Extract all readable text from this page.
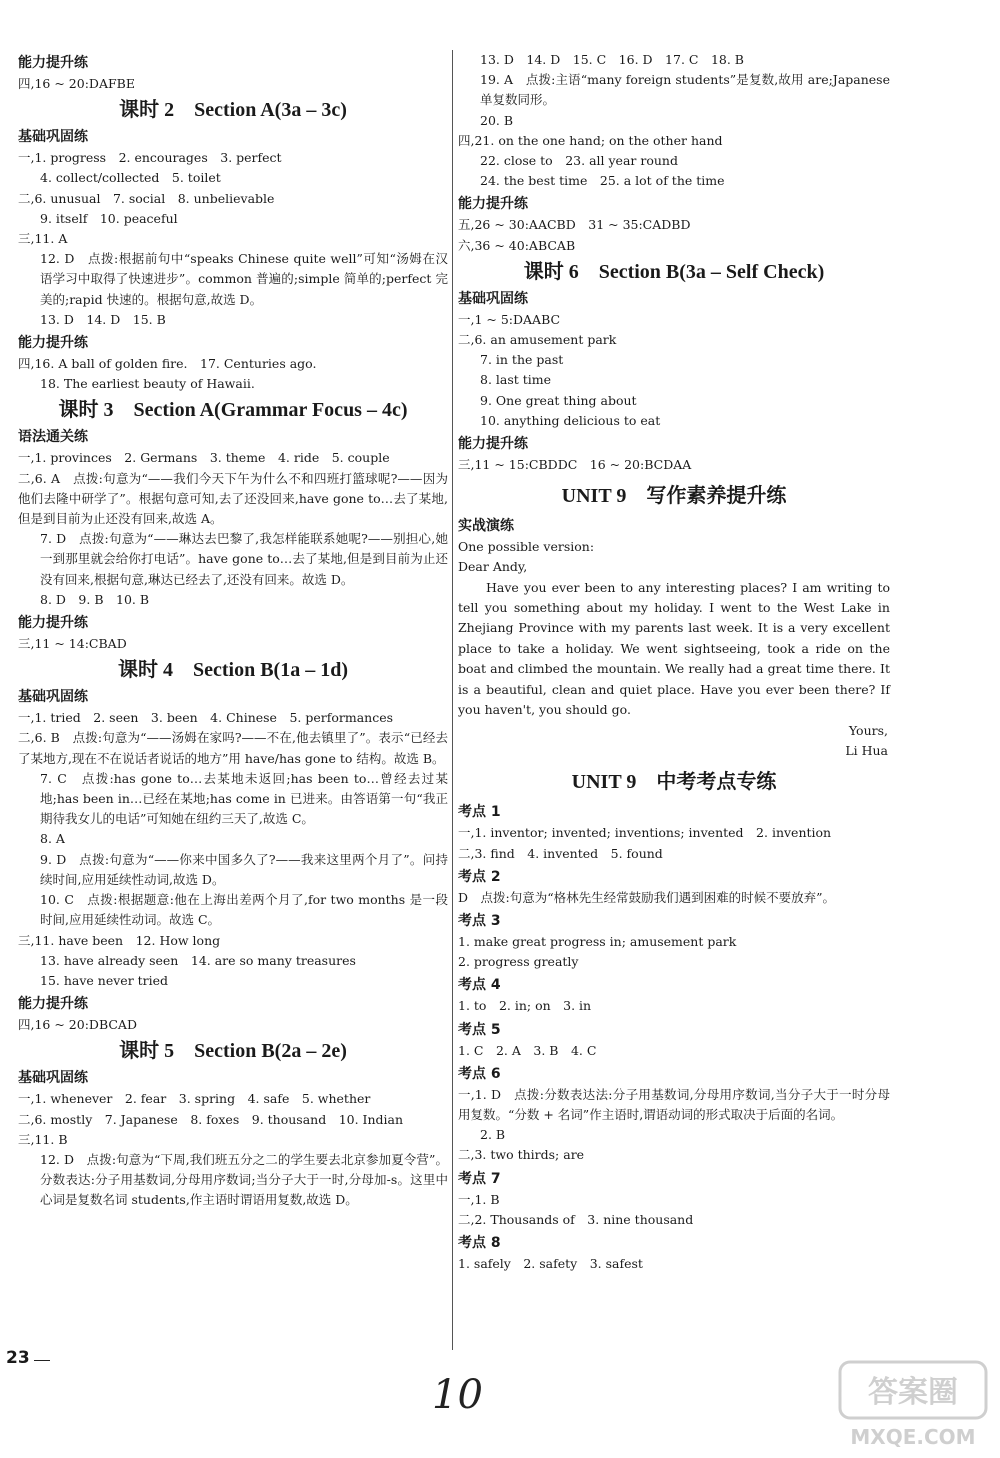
能力提升练
四,16 ~ 20:DAFBE
课时 2　Section A(3a – 3c)
基础巩固练
一,1. progress　2. encourages　3. perfect
4. collect/collected　5. toilet
二,6. unusual　7. social　8. unbelievable
9. itself　10. peaceful
三,11. A
12. D　点拨:根据前句中“speaks Chinese quite well”可知“汤姆在汉语学习中取得了快速进步”。common 普遍的;simple 简单的;perfect 完美的;rapid 快速的。根据句意,故选 D。
13. D　14. D　15. B
能力提升练
四,16. A ball of golden fire.　17. Centuries ago.
18. The earliest beauty of Hawaii.
课时 3　Section A(Grammar Focus – 4c)
语法通关练
一,1. provinces　2. Germans　3. theme　4. ride　5. couple
二,6. A　点拨:句意为“——我们今天下午为什么不和四班打篮球呢?——因为他们去隆中研学了”。根据句意可知,去了还没回来,have gone to…去了某地,但是到目前为止还没有回来,故选 A。
7. D　点拨:句意为“——琳达去巴黎了,我怎样能联系她呢?——别担心,她一到那里就会给你打电话”。have gone to…去了某地,但是到目前为止还没有回来,根据句意,琳达已经去了,还没有回来。故选 D。
8. D　9. B　10. B
能力提升练
三,11 ~ 14:CBAD
课时 4　Section B(1a – 1d)
基础巩固练
一,1. tried　2. seen　3. been　4. Chinese　5. performances
二,6. B　点拨:句意为“——汤姆在家吗?——不在,他去镇里了”。表示“已经去了某地方,现在不在说话者说话的地方”用 have/has gone to 结构。故选 B。
7. C　点拨:has gone to…去某地未返回;has been to…曾经去过某地;has been in…已经在某地;has come in 已进来。由答语第一句“我正期待我女儿的电话”可知她在纽约三天了,故选 C。
8. A
9. D　点拨:句意为“——你来中国多久了?——我来这里两个月了”。问持续时间,应用延续性动词,故选 D。
10. C　点拨:根据题意:他在上海出差两个月了,for two months 是一段时间,应用延续性动词。故选 C。
三,11. have been　12. How long
13. have already seen　14. are so many treasures
15. have never tried
能力提升练
四,16 ~ 20:DBCAD
课时 5　Section B(2a – 2e)
基础巩固练
一,1. whenever　2. fear　3. spring　4. safe　5. whether
二,6. mostly　7. Japanese　8. foxes　9. thousand　10. Indian
三,11. B
12. D　点拨:句意为“下周,我们班五分之二的学生要去北京参加夏令营”。分数表达:分子用基数词,分母用序数词;当分子大于一时,分母加-s。这里中心词是复数名词 students,作主语时谓语用复数,故选 D。
13. D　14. D　15. C　16. D　17. C　18. B
19. A　点拨:主语“many foreign students”是复数,故用 are;Japanese 单复数同形。
20. B
四,21. on the one hand; on the other hand
22. close to　23. all year round
24. the best time　25. a lot of the time
能力提升练
五,26 ~ 30:AACBD　31 ~ 35:CADBD
六,36 ~ 40:ABCAB
课时 6　Section B(3a – Self Check)
基础巩固练
一,1 ~ 5:DAABC
二,6. an amusement park
7. in the past
8. last time
9. One great thing about
10. anything delicious to eat
能力提升练
三,11 ~ 15:CBDDC　16 ~ 20:BCDAA
UNIT 9　写作素养提升练
实战演练
One possible version:
Dear Andy,
Have you ever been to any interesting places? I am writing to tell you something about my holiday. I went to the West Lake in Zhejiang Province with my parents last week. It is a very excellent place to take a holiday. We went sightseeing, took a ride on the boat and climbed the mountain. We really had a great time there. It is a beautiful, clean and quiet place. Have you ever been there? If you haven't, you should go.
Yours,
Li Hua
UNIT 9　中考考点专练
考点 1
一,1. inventor; invented; inventions; invented　2. invention
二,3. find　4. invented　5. found
考点 2
D　点拨:句意为“格林先生经常鼓励我们遇到困难的时候不要放弃”。
考点 3
1. make great progress in; amusement park
2. progress greatly
考点 4
1. to　2. in; on　3. in
考点 5
1. C　2. A　3. B　4. C
考点 6
一,1. D　点拨:分数表达法:分子用基数词,分母用序数词,当分子大于一时分母用复数。“分数 + 名词”作主语时,谓语动词的形式取决于后面的名词。
2. B
二,3. two thirds; are
考点 7
一,1. B
二,2. Thousands of　3. nine thousand
考点 8
1. safely　2. safety　3. safest
23
10	答案圈
MXQE.COM
